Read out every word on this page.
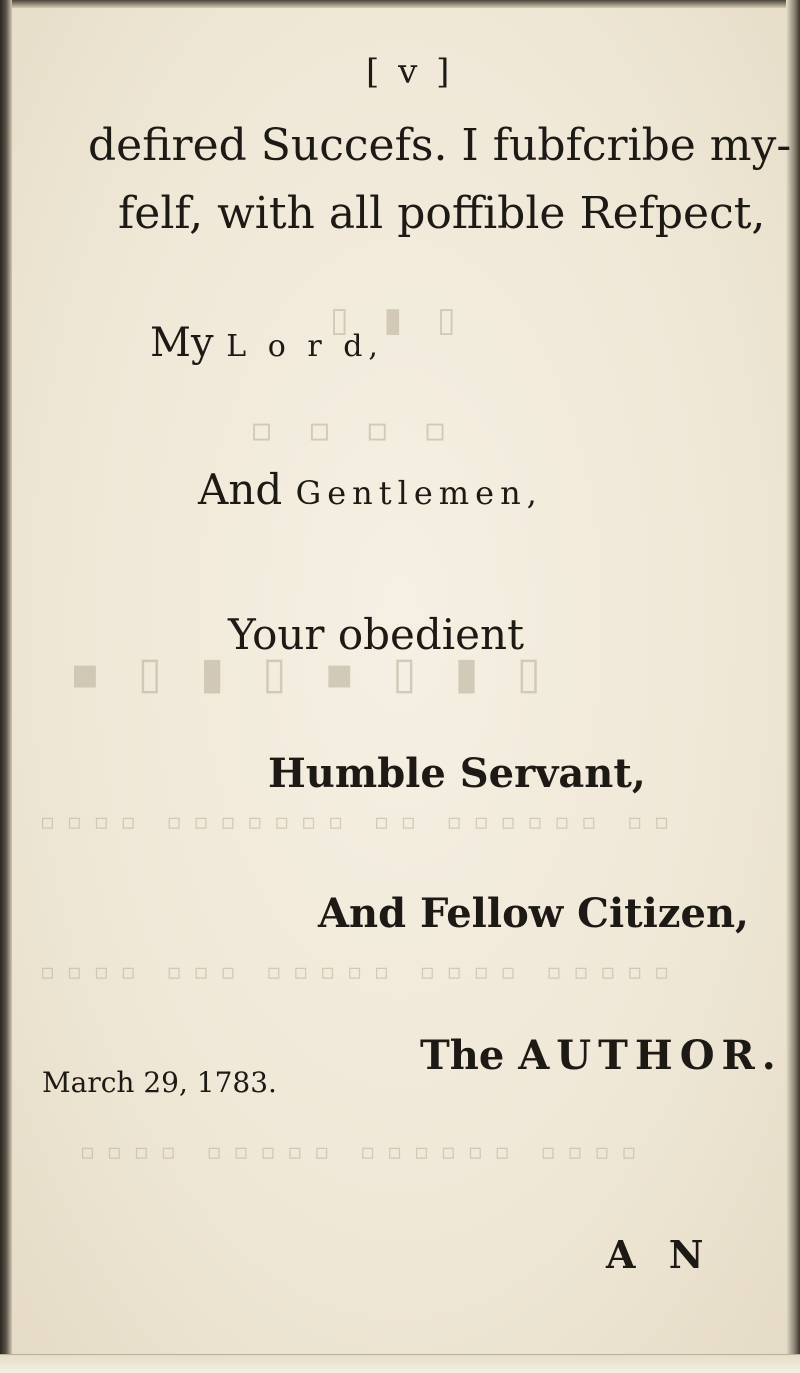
▯ ▮ ▯
▫ ▫ ▫ ▫
▪ ▯ ▮ ▯ ▪ ▯ ▮ ▯
▫▫▫▫ ▫▫▫▫▫▫▫ ▫▫ ▫▫▫▫▫▫ ▫▫
▫▫▫▫ ▫▫▫ ▫▫▫▫▫ ▫▫▫▫ ▫▫▫▫▫
▫▫▫▫ ▫▫▫▫▫ ▫▫▫▫▫▫ ▫▫▫▫
[ v ]
defired Succefs. I fubfcribe my-
felf, with all poffible Refpect,
My L o r d,
And Gentlemen,
Your obedient
Humble Servant,
And Fellow Citizen,
The AUTHOR.
March 29, 1783.
A N
